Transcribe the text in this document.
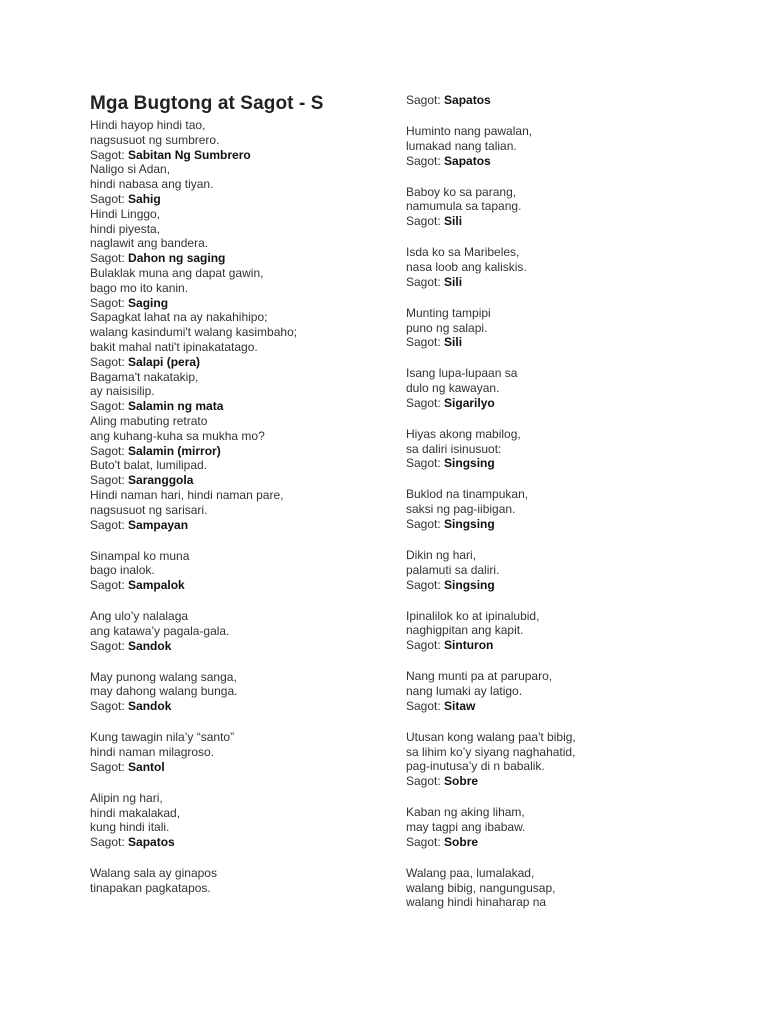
Mga Bugtong at Sagot - S
Hindi hayop hindi tao,
nagsusuot ng sumbrero.
Sagot: Sabitan Ng Sumbrero
Naligo si Adan,
hindi nabasa ang tiyan.
Sagot: Sahig
Hindi Linggo,
hindi piyesta,
naglawit ang bandera.
Sagot: Dahon ng saging
Bulaklak muna ang dapat gawin,
bago mo ito kanin.
Sagot: Saging
Sapagkat lahat na ay nakahihipo;
walang kasindumi't walang kasimbaho;
bakit mahal nati't ipinakatatago.
Sagot: Salapi (pera)
Bagama't nakatakip,
ay naisisilip.
Sagot: Salamin ng mata
Aling mabuting retrato
ang kuhang-kuha sa mukha mo?
Sagot: Salamin (mirror)
Buto't balat, lumilipad.
Sagot: Saranggola
Hindi naman hari, hindi naman pare,
nagsusuot ng sarisari.
Sagot: Sampayan
Sinampal ko muna
bago inalok.
Sagot: Sampalok
Ang ulo’y nalalaga
ang katawa’y pagala-gala.
Sagot: Sandok
May punong walang sanga,
may dahong walang bunga.
Sagot: Sandok
Kung tawagin nila’y “santo”
hindi naman milagroso.
Sagot: Santol
Alipin ng hari,
hindi makalakad,
kung hindi itali.
Sagot: Sapatos
Walang sala ay ginapos
tinapakan pagkatapos.
Sagot: Sapatos
Huminto nang pawalan,
lumakad nang talian.
Sagot: Sapatos
Baboy ko sa parang,
namumula sa tapang.
Sagot: Sili
Isda ko sa Maribeles,
nasa loob ang kaliskis.
Sagot: Sili
Munting tampipi
puno ng salapi.
Sagot: Sili
Isang lupa-lupaan sa
dulo ng kawayan.
Sagot: Sigarilyo
Hiyas akong mabilog,
sa daliri isinusuot:
Sagot: Singsing
Buklod na tinampukan,
saksi ng pag-iibigan.
Sagot: Singsing
Dikin ng hari,
palamuti sa daliri.
Sagot: Singsing
Ipinalilok ko at ipinalubid,
naghigpitan ang kapit.
Sagot: Sinturon
Nang munti pa at paruparo,
nang lumaki ay latigo.
Sagot: Sitaw
Utusan kong walang paa't bibig,
sa lihim ko’y siyang naghahatid,
pag-inutusa’y di n babalik.
Sagot: Sobre
Kaban ng aking liham,
may tagpi ang ibabaw.
Sagot: Sobre
Walang paa, lumalakad,
walang bibig, nangungusap,
walang hindi hinaharap na
